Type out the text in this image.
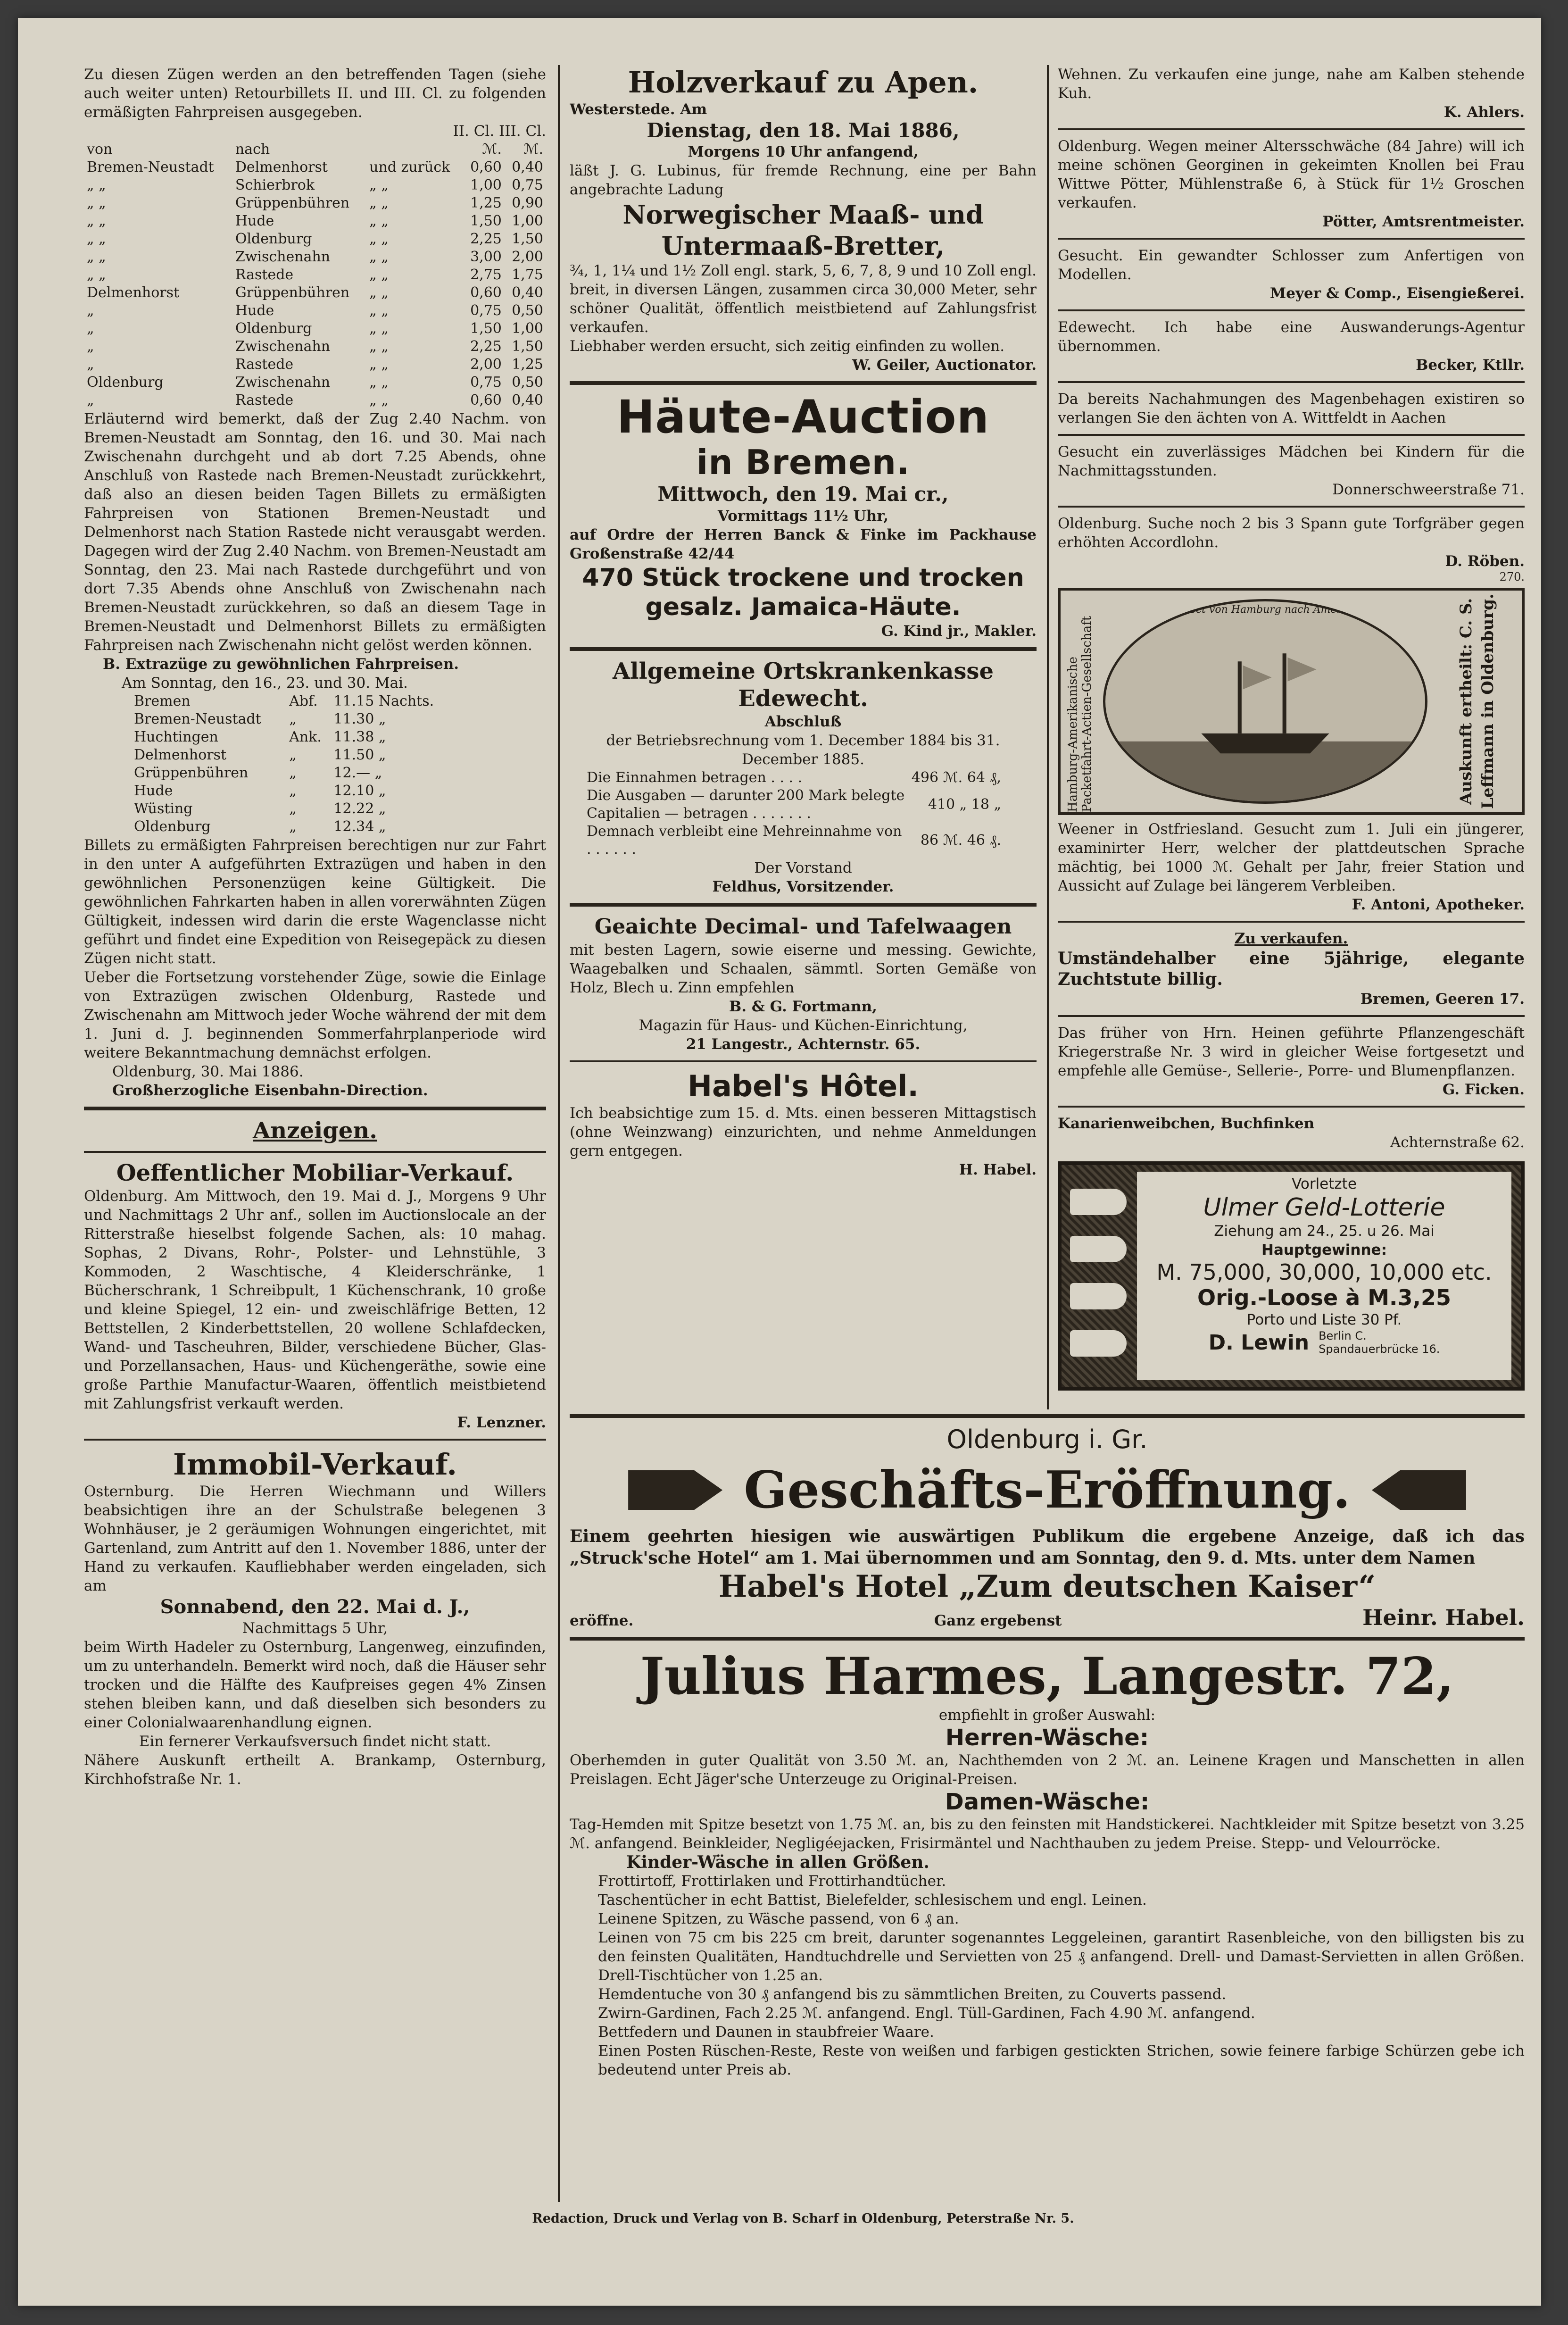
Zu diesen Zügen werden an den betreffenden Tagen (siehe auch weiter unten) Retourbillets II. und III. Cl. zu folgenden ermäßigten Fahrpreisen ausgegeben.

II. Cl. III. Cl.

von	nach		ℳ.	ℳ.
Bremen-Neustadt	Delmenhorst	und zurück	0,60	0,40
„ „	Schierbrok	„ „	1,00	0,75
„ „	Grüppenbühren	„ „	1,25	0,90
„ „	Hude	„ „	1,50	1,00
„ „	Oldenburg	„ „	2,25	1,50
„ „	Zwischenahn	„ „	3,00	2,00
„ „	Rastede	„ „	2,75	1,75
Delmenhorst	Grüppenbühren	„ „	0,60	0,40
„	Hude	„ „	0,75	0,50
„	Oldenburg	„ „	1,50	1,00
„	Zwischenahn	„ „	2,25	1,50
„	Rastede	„ „	2,00	1,25
Oldenburg	Zwischenahn	„ „	0,75	0,50
„	Rastede	„ „	0,60	0,40

Erläuternd wird bemerkt, daß der Zug 2.40 Nachm. von Bremen-Neustadt am Sonntag, den 16. und 30. Mai nach Zwischenahn durchgeht und ab dort 7.25 Abends, ohne Anschluß von Rastede nach Bremen-Neustadt zurückkehrt, daß also an diesen beiden Tagen Billets zu ermäßigten Fahrpreisen von Stationen Bremen-Neustadt und Delmenhorst nach Station Rastede nicht verausgabt werden. Dagegen wird der Zug 2.40 Nachm. von Bremen-Neustadt am Sonntag, den 23. Mai nach Rastede durchgeführt und von dort 7.35 Abends ohne Anschluß von Zwischenahn nach Bremen-Neustadt zurückkehren, so daß an diesem Tage in Bremen-Neustadt und Delmenhorst Billets zu ermäßigten Fahrpreisen nach Zwischenahn nicht gelöst werden können.

B. Extrazüge zu gewöhnlichen Fahrpreisen.

Am Sonntag, den 16., 23. und 30. Mai.

Bremen	Abf.	11.15 Nachts.
Bremen-Neustadt	„	11.30 „
Huchtingen	Ank.	11.38 „
Delmenhorst	„	11.50 „
Grüppenbühren	„	12.— „
Hude	„	12.10 „
Wüsting	„	12.22 „
Oldenburg	„	12.34 „

Billets zu ermäßigten Fahrpreisen berechtigen nur zur Fahrt in den unter A aufgeführten Extrazügen und haben in den gewöhnlichen Personenzügen keine Gültigkeit. Die gewöhnlichen Fahrkarten haben in allen vorerwähnten Zügen Gültigkeit, indessen wird darin die erste Wagenclasse nicht geführt und findet eine Expedition von Reisegepäck zu diesen Zügen nicht statt.

Ueber die Fortsetzung vorstehender Züge, sowie die Einlage von Extrazügen zwischen Oldenburg, Rastede und Zwischenahn am Mittwoch jeder Woche während der mit dem 1. Juni d. J. beginnenden Sommerfahrplanperiode wird weitere Bekanntmachung demnächst erfolgen.

Oldenburg, 30. Mai 1886.

Großherzogliche Eisenbahn-Direction.

Anzeigen.

Oeffentlicher Mobiliar-Verkauf.

Oldenburg. Am Mittwoch, den 19. Mai d. J., Morgens 9 Uhr und Nachmittags 2 Uhr anf., sollen im Auctionslocale an der Ritterstraße hieselbst folgende Sachen, als: 10 mahag. Sophas, 2 Divans, Rohr-, Polster- und Lehnstühle, 3 Kommoden, 2 Waschtische, 4 Kleiderschränke, 1 Bücherschrank, 1 Schreibpult, 1 Küchenschrank, 10 große und kleine Spiegel, 12 ein- und zweischläfrige Betten, 12 Bettstellen, 2 Kinderbettstellen, 20 wollene Schlafdecken, Wand- und Tascheuhren, Bilder, verschiedene Bücher, Glas- und Porzellansachen, Haus- und Küchengeräthe, sowie eine große Parthie Manufactur-Waaren, öffentlich meistbietend mit Zahlungsfrist verkauft werden.

F. Lenzner.

Immobil-Verkauf.

Osternburg. Die Herren Wiechmann und Willers beabsichtigen ihre an der Schulstraße belegenen 3 Wohnhäuser, je 2 geräumigen Wohnungen eingerichtet, mit Gartenland, zum Antritt auf den 1. November 1886, unter der Hand zu verkaufen. Kaufliebhaber werden eingeladen, sich am

Sonnabend, den 22. Mai d. J.,

Nachmittags 5 Uhr,

beim Wirth Hadeler zu Osternburg, Langenweg, einzufinden, um zu unterhandeln. Bemerkt wird noch, daß die Häuser sehr trocken und die Hälfte des Kaufpreises gegen 4% Zinsen stehen bleiben kann, und daß dieselben sich besonders zu einer Colonialwaarenhandlung eignen.

Ein fernerer Verkaufsversuch findet nicht statt.

Nähere Auskunft ertheilt A. Brankamp, Osternburg, Kirchhofstraße Nr. 1.

Holzverkauf zu Apen.

Westerstede. Am

Dienstag, den 18. Mai 1886,

Morgens 10 Uhr anfangend,

läßt J. G. Lubinus, für fremde Rechnung, eine per Bahn angebrachte Ladung

Norwegischer Maaß- und Untermaaß-Bretter,

¾, 1, 1¼ und 1½ Zoll engl. stark, 5, 6, 7, 8, 9 und 10 Zoll engl. breit, in diversen Längen, zusammen circa 30,000 Meter, sehr schöner Qualität, öffentlich meistbietend auf Zahlungsfrist verkaufen.

Liebhaber werden ersucht, sich zeitig einfinden zu wollen.

W. Geiler, Auctionator.

Häute-Auction

in Bremen.

Mittwoch, den 19. Mai cr.,

Vormittags 11½ Uhr,

auf Ordre der Herren Banck & Finke im Packhause Großenstraße 42/44

470 Stück trockene und trocken gesalz. Jamaica-Häute.

G. Kind jr., Makler.

Allgemeine Ortskrankenkasse Edewecht.

Abschluß

der Betriebsrechnung vom 1. December 1884 bis 31. December 1885.

Die Einnahmen betragen . . . .	496 ℳ. 64 ₰,
Die Ausgaben — darunter 200 Mark belegte Capitalien — betragen . . . . . . .	410 „ 18 „
Demnach verbleibt eine Mehreinnahme von . . . . . .	86 ℳ. 46 ₰.

Der Vorstand

Feldhus, Vorsitzender.

Geaichte Decimal- und Tafelwaagen

mit besten Lagern, sowie eiserne und messing. Gewichte, Waagebalken und Schaalen, sämmtl. Sorten Gemäße von Holz, Blech u. Zinn empfehlen

B. & G. Fortmann,

Magazin für Haus- und Küchen-Einrichtung,

21 Langestr., Achternstr. 65.

Habel's Hôtel.

Ich beabsichtige zum 15. d. Mts. einen besseren Mittagstisch (ohne Weinzwang) einzurichten, und nehme Anmeldungen gern entgegen.

H. Habel.

Wehnen. Zu verkaufen eine junge, nahe am Kalben stehende Kuh.

K. Ahlers.

Oldenburg. Wegen meiner Altersschwäche (84 Jahre) will ich meine schönen Georginen in gekeimten Knollen bei Frau Wittwe Pötter, Mühlenstraße 6, à Stück für 1½ Groschen verkaufen.

Pötter, Amtsrentmeister.

Gesucht. Ein gewandter Schlosser zum Anfertigen von Modellen.

Meyer & Comp., Eisengießerei.

Edewecht. Ich habe eine Auswanderungs-Agentur übernommen.

Becker, Ktllr.

Da bereits Nachahmungen des Magenbehagen existiren so verlangen Sie den ächten von A. Wittfeldt in Aachen

Gesucht ein zuverlässiges Mädchen bei Kindern für die Nachmittagsstunden.

Donnerschweerstraße 71.

Oldenburg. Suche noch 2 bis 3 Spann gute Torfgräber gegen erhöhten Accordlohn.

D. Röben.

270.

Hamburg-Amerikanische Packetfahrt-Actien-Gesellschaft
Direct von Hamburg nach Amerika	Auskunft ertheilt: C. S. Leffmann in Oldenburg.

Weener in Ostfriesland. Gesucht zum 1. Juli ein jüngerer, examinirter Herr, welcher der plattdeutschen Sprache mächtig, bei 1000 ℳ. Gehalt per Jahr, freier Station und Aussicht auf Zulage bei längerem Verbleiben.

F. Antoni, Apotheker.

Zu verkaufen.

Umständehalber eine 5jährige, elegante Zuchtstute billig.

Bremen, Geeren 17.

Das früher von Hrn. Heinen geführte Pflanzengeschäft Kriegerstraße Nr. 3 wird in gleicher Weise fortgesetzt und empfehle alle Gemüse-, Sellerie-, Porre- und Blumenpflanzen.

G. Ficken.

Kanarienweibchen, Buchfinken

Achternstraße 62.

Vorletzte

Ulmer Geld-Lotterie

Ziehung am 24., 25. u 26. Mai

Hauptgewinne:

M. 75,000, 30,000, 10,000 etc.

Orig.-Loose à M.3,25

Porto und Liste 30 Pf.

D. Lewin Berlin C.
Spandauerbrücke 16.

Oldenburg i. Gr.

Geschäfts-Eröffnung.

Einem geehrten hiesigen wie auswärtigen Publikum die ergebene Anzeige, daß ich das „Struck'sche Hotel“ am 1. Mai übernommen und am Sonntag, den 9. d. Mts. unter dem Namen

Habel's Hotel „Zum deutschen Kaiser“

eröffne.	Ganz ergebenst	Heinr. Habel.

Julius Harmes, Langestr. 72,

empfiehlt in großer Auswahl:

Herren-Wäsche:

Oberhemden in guter Qualität von 3.50 ℳ. an, Nachthemden von 2 ℳ. an. Leinene Kragen und Manschetten in allen Preislagen. Echt Jäger'sche Unterzeuge zu Original-Preisen.

Damen-Wäsche:

Tag-Hemden mit Spitze besetzt von 1.75 ℳ. an, bis zu den feinsten mit Handstickerei. Nachtkleider mit Spitze besetzt von 3.25 ℳ. anfangend. Beinkleider, Negligéejacken, Frisirmäntel und Nachthauben zu jedem Preise. Stepp- und Velourröcke.

Kinder-Wäsche in allen Größen.

Frottirtoff, Frottirlaken und Frottirhandtücher.

Taschentücher in echt Battist, Bielefelder, schlesischem und engl. Leinen.

Leinene Spitzen, zu Wäsche passend, von 6 ₰ an.

Leinen von 75 cm bis 225 cm breit, darunter sogenanntes Leggeleinen, garantirt Rasenbleiche, von den billigsten bis zu den feinsten Qualitäten, Handtuchdrelle und Servietten von 25 ₰ anfangend. Drell- und Damast-Servietten in allen Größen. Drell-Tischtücher von 1.25 an.

Hemdentuche von 30 ₰ anfangend bis zu sämmtlichen Breiten, zu Couverts passend.

Zwirn-Gardinen, Fach 2.25 ℳ. anfangend. Engl. Tüll-Gardinen, Fach 4.90 ℳ. anfangend.

Bettfedern und Daunen in staubfreier Waare.

Einen Posten Rüschen-Reste, Reste von weißen und farbigen gestickten Strichen, sowie feinere farbige Schürzen gebe ich bedeutend unter Preis ab.

Redaction, Druck und Verlag von B. Scharf in Oldenburg, Peterstraße Nr. 5.
